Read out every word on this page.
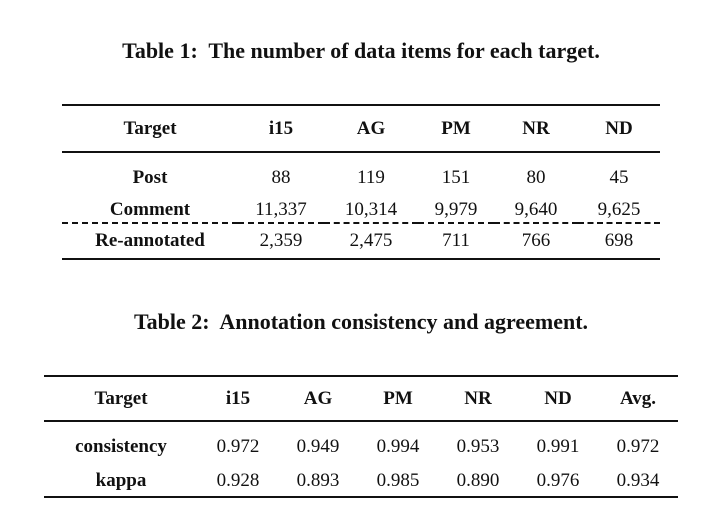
Table 1:  The number of data items for each target.
Target	i15	AG	PM	NR	ND
Post	88	119	151	80	45
Comment	11,337	10,314	9,979	9,640	9,625
Re-annotated	2,359	2,475	711	766	698
Table 2:  Annotation consistency and agreement.
Target	i15	AG	PM	NR	ND	Avg.
consistency	0.972	0.949	0.994	0.953	0.991	0.972
kappa	0.928	0.893	0.985	0.890	0.976	0.934
